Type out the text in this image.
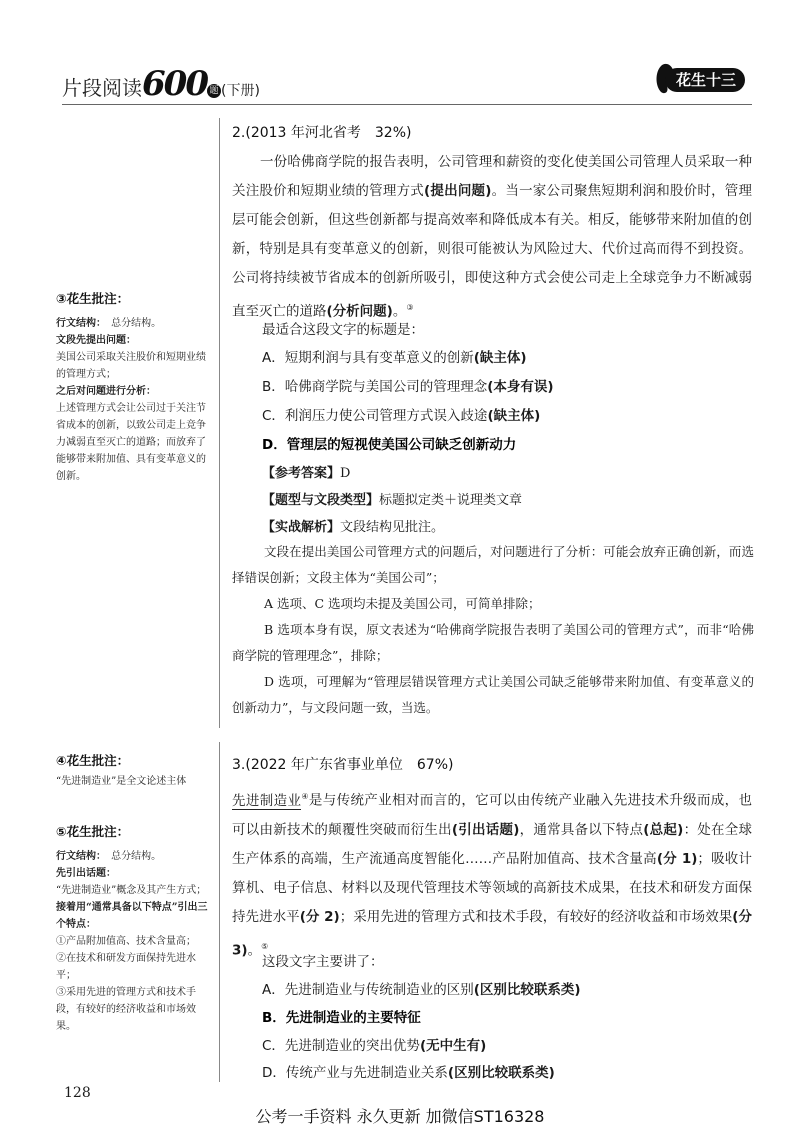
片段阅读600 题 (下册)
花生十三
③花生批注：

行文结构：

总分结构。

文段先提出问题：

美国公司采取关注股价和短期业绩的管理方式；

之后对问题进行分析：

上述管理方式会让公司过于关注节省成本的创新，以致公司走上竞争力减弱直至灭亡的道路；而放弃了能够带来附加值、具有变革意义的创新。

④花生批注：

“先进制造业”是全文论述主体

⑤花生批注：

行文结构：

总分结构。

先引出话题：

“先进制造业”概念及其产生方式；

接着用“通常具备以下特点”引出三个特点：

①产品附加值高、技术含量高；

②在技术和研发方面保持先进水平；

③采用先进的管理方式和技术手段，有较好的经济收益和市场效果。

2.(2013 年河北省考　32%)

一份哈佛商学院的报告表明，公司管理和薪资的变化使美国公司管理人员采取一种关注股价和短期业绩的管理方式(提出问题)。当一家公司聚焦短期利润和股价时，管理层可能会创新，但这些创新都与提高效率和降低成本有关。相反，能够带来附加值的创新，特别是具有变革意义的创新，则很可能被认为风险过大、代价过高而得不到投资。公司将持续被节省成本的创新所吸引，即使这种方式会使公司走上全球竞争力不断减弱直至灭亡的道路(分析问题)。③

最适合这段文字的标题是：
A．短期利润与具有变革意义的创新(缺主体)
B．哈佛商学院与美国公司的管理理念(本身有误)
C．利润压力使公司管理方式误入歧途(缺主体)
D．管理层的短视使美国公司缺乏创新动力
【参考答案】D
【题型与文段类型】标题拟定类＋说理类文章
【实战解析】文段结构见批注。

文段在提出美国公司管理方式的问题后，对问题进行了分析：可能会放弃正确创新，而选择错误创新；文段主体为“美国公司”；

A 选项、C 选项均未提及美国公司，可简单排除；

B 选项本身有误，原文表述为“哈佛商学院报告表明了美国公司的管理方式”，而非“哈佛商学院的管理理念”，排除；

D 选项，可理解为“管理层错误管理方式让美国公司缺乏能够带来附加值、有变革意义的创新动力”，与文段问题一致，当选。

3.(2022 年广东省事业单位　67%)

先进制造业④是与传统产业相对而言的，它可以由传统产业融入先进技术升级而成，也可以由新技术的颠覆性突破而衍生出(引出话题)，通常具备以下特点(总起)：处在全球生产体系的高端，生产流通高度智能化……产品附加值高、技术含量高(分 1)；吸收计算机、电子信息、材料以及现代管理技术等领域的高新技术成果，在技术和研发方面保持先进水平(分 2)；采用先进的管理方式和技术手段，有较好的经济收益和市场效果(分 3)。⑤

这段文字主要讲了：
A．先进制造业与传统制造业的区别(区别比较联系类)
B．先进制造业的主要特征
C．先进制造业的突出优势(无中生有)
D．传统产业与先进制造业关系(区别比较联系类)
128
公考一手资料 永久更新 加微信ST16328
